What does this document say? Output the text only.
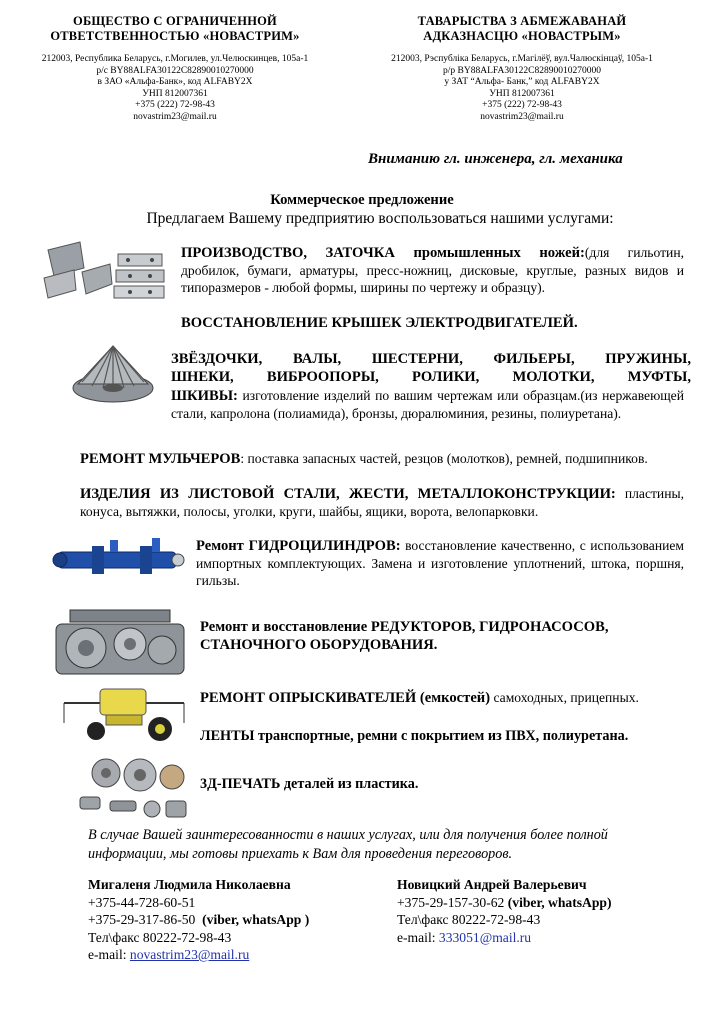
ОБЩЕСТВО С ОГРАНИЧЕННОЙ
ОТВЕТСТВЕННОСТЬЮ «НОВАСТРИМ»
212003, Республика Беларусь, г.Могилев, ул.Челюскинцев, 105а-1
р/с BY88ALFA30122C82890010270000
в ЗАО «Альфа-Банк», код ALFABY2X
УНП 812007361
+375 (222) 72-98-43
novastrim23@mail.ru
ТАВАРЫСТВА З АБМЕЖАВАНАЙ
АДКАЗНАСЦЮ «НОВАСТРЫМ»
212003, Рэспубліка Беларусь, г.Магілёў, вул.Чалюскінцаў, 105а-1
р/р BY88ALFA30122C82890010270000
у ЗАТ “Альфа- Банк,” код ALFABY2X
УНП 812007361
+375 (222) 72-98-43
novastrim23@mail.ru
Вниманию гл. инженера, гл. механика
Коммерческое предложение
Предлагаем Вашему предприятию воспользоваться нашими услугами:
ПРОИЗВОДСТВО, ЗАТОЧКА промышленных ножей:(для гильотин, дробилок, бумаги, арматуры, пресс-ножниц, дисковые, круглые, разных видов и типоразмеров - любой формы, ширины по чертежу и образцу).
ВОССТАНОВЛЕНИЕ КРЫШЕК ЭЛЕКТРОДВИГАТЕЛЕЙ.
ЗВЁЗДОЧКИ, ВАЛЫ, ШЕСТЕРНИ, ФИЛЬЕРЫ, ПРУЖИНЫ,
ШНЕКИ, ВИБРООПОРЫ, РОЛИКИ, МОЛОТКИ, МУФТЫ,
ШКИВЫ: изготовление изделий по вашим чертежам или образцам.(из нержавеющей стали, капролона (полиамида), бронзы, дюралюминия, резины, полиуретана).
РЕМОНТ МУЛЬЧЕРОВ: поставка запасных частей, резцов (молотков), ремней, подшипников.
ИЗДЕЛИЯ ИЗ ЛИСТОВОЙ СТАЛИ, ЖЕСТИ, МЕТАЛЛОКОНСТРУКЦИИ: пластины, конуса, вытяжки, полосы, уголки, круги, шайбы, ящики, ворота, велопарковки.
Ремонт ГИДРОЦИЛИНДРОВ: восстановление качественно, с использованием импортных комплектующих. Замена и изготовление уплотнений, штока, поршня, гильзы.
Ремонт и восстановление РЕДУКТОРОВ, ГИДРОНАСОСОВ,
СТАНОЧНОГО ОБОРУДОВАНИЯ.
РЕМОНТ ОПРЫСКИВАТЕЛЕЙ (емкостей) самоходных, прицепных.
ЛЕНТЫ транспортные, ремни с покрытием из ПВХ, полиуретана.
3Д-ПЕЧАТЬ деталей из пластика.
В случае Вашей заинтересованности в наших услугах, или для получения более полной информации, мы готовы приехать к Вам для проведения переговоров.
Мигаленя Людмила Николаевна
+375-44-728-60-51
+375-29-317-86-50 (viber, whatsApp )
Тел\факс 80222-72-98-43
e-mail: novastrim23@mail.ru
Новицкий Андрей Валерьевич
+375-29-157-30-62 (viber, whatsApp)
Тел\факс 80222-72-98-43
e-mail: 333051@mail.ru
